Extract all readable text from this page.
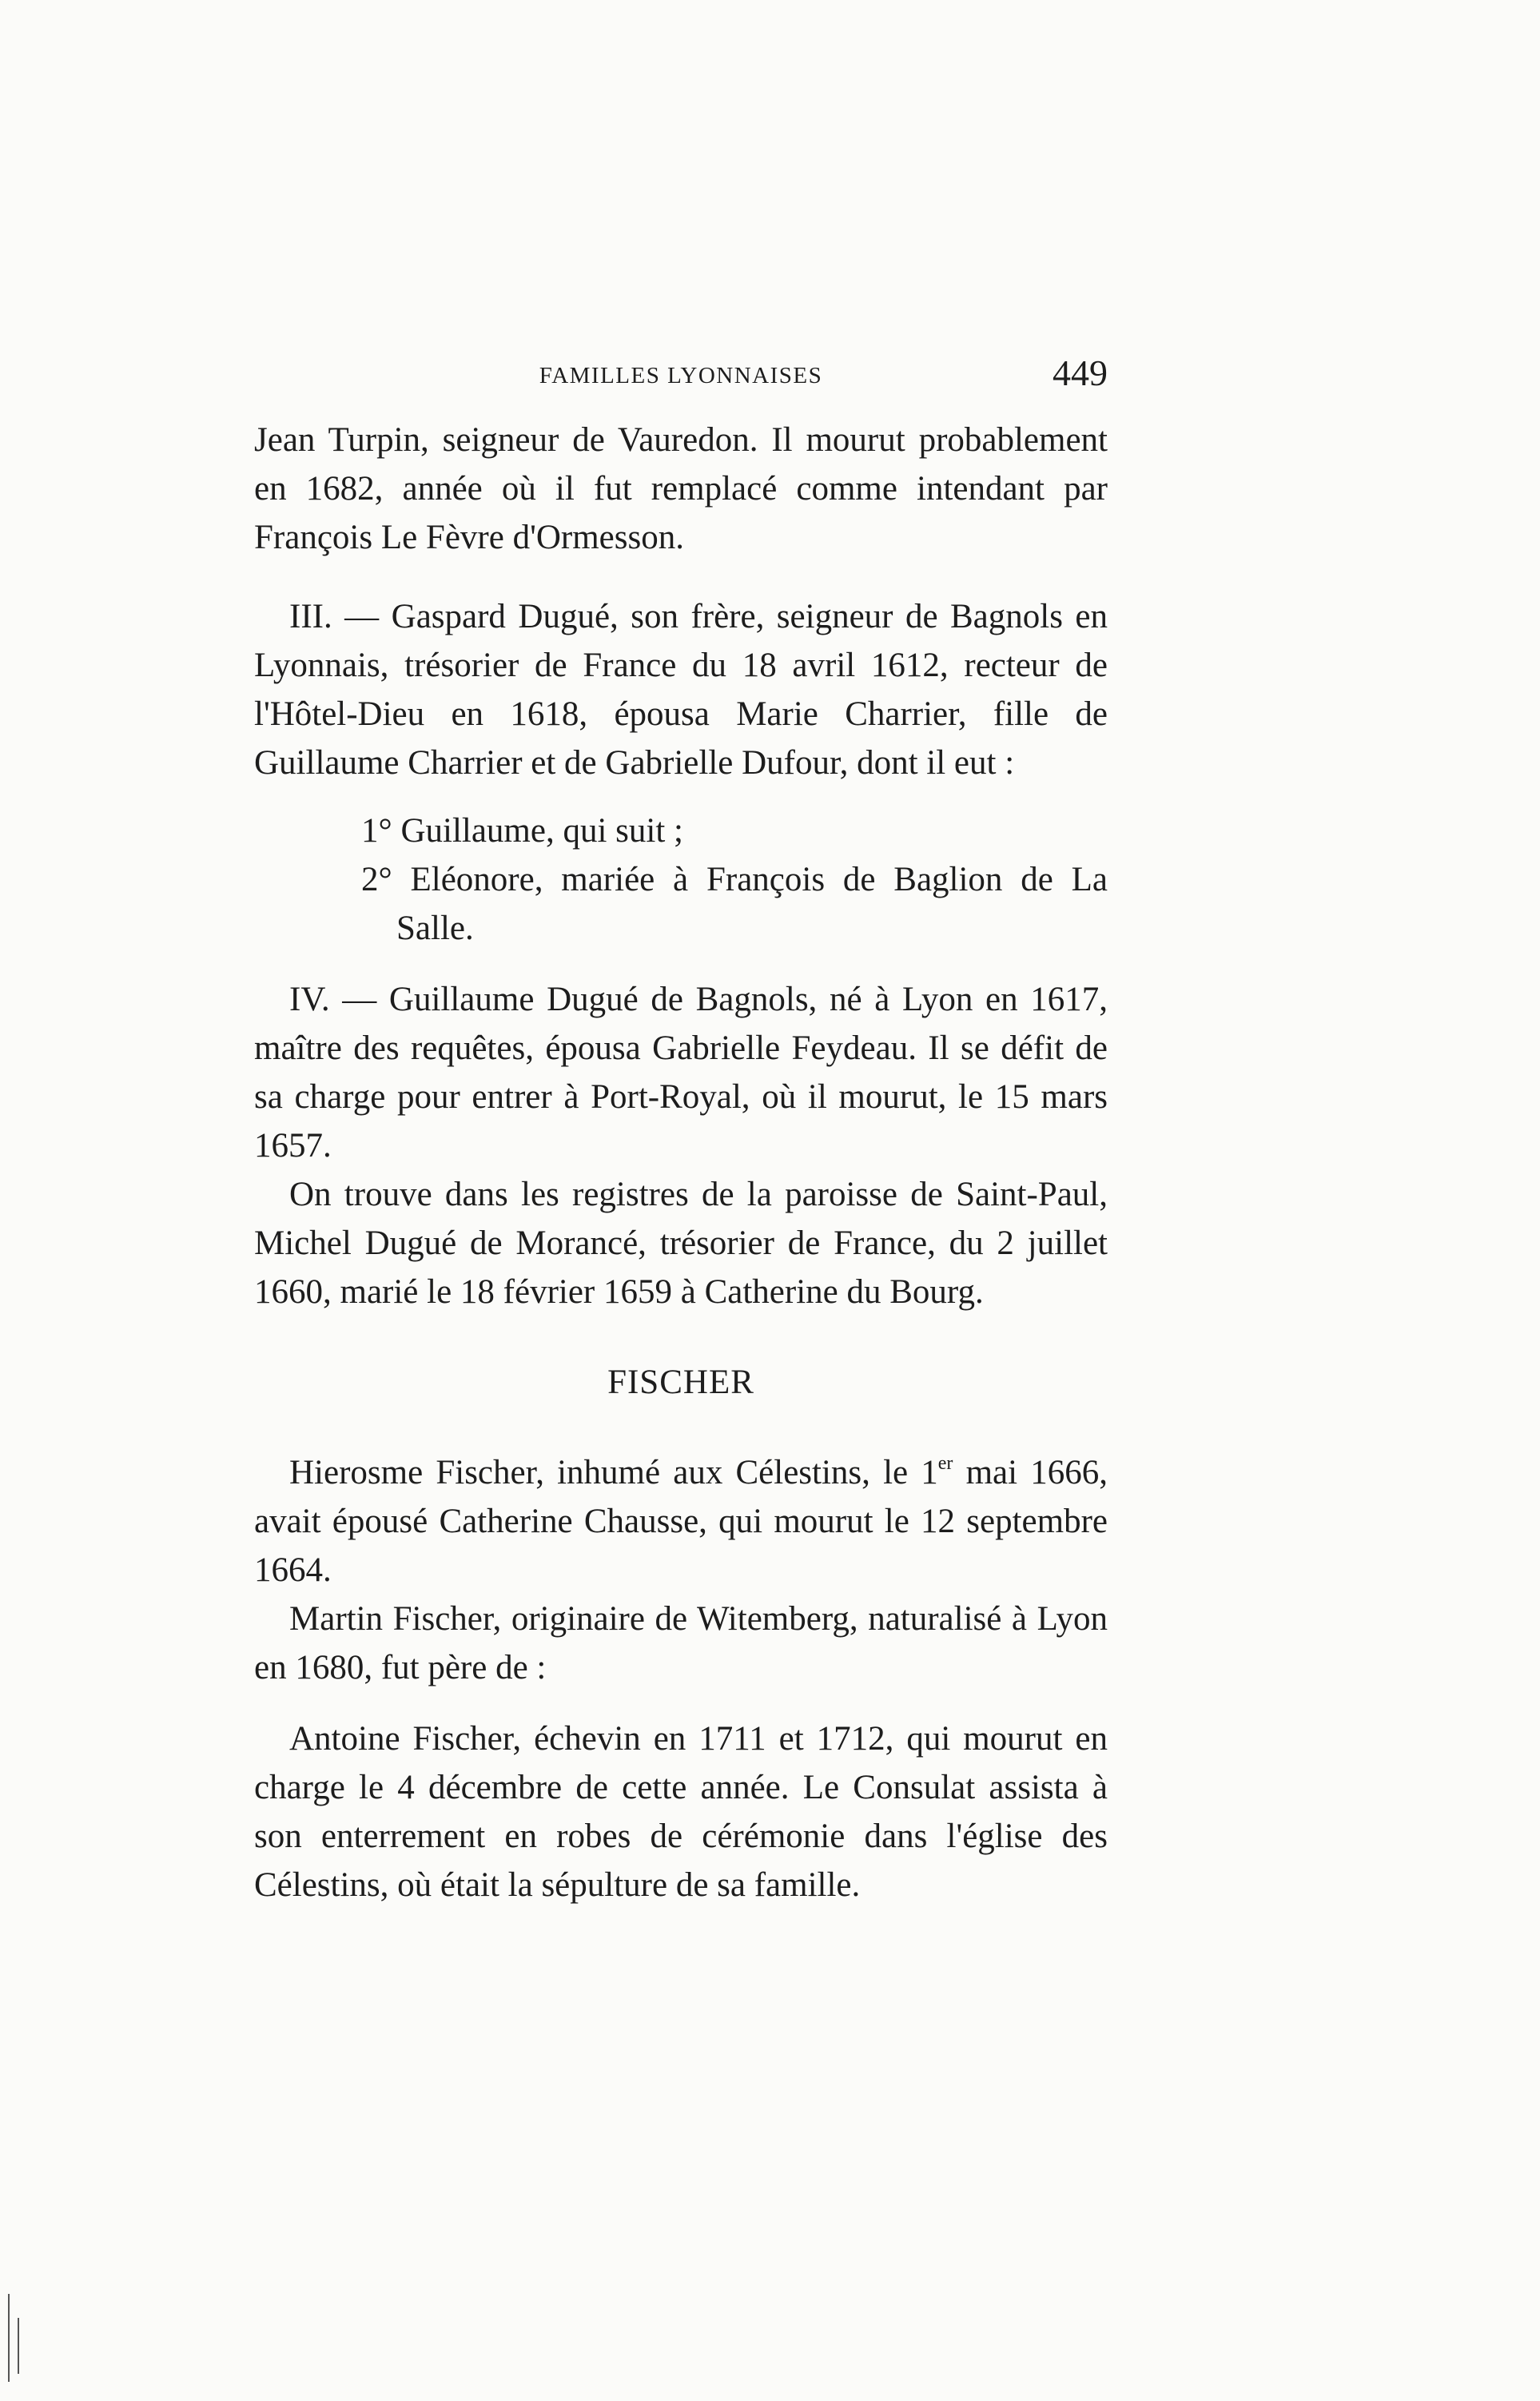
FAMILLES LYONNAISES	449

Jean Turpin, seigneur de Vauredon. Il mourut probablement en 1682, année où il fut remplacé comme intendant par François Le Fèvre d'Ormesson.

III. — Gaspard Dugué, son frère, seigneur de Bagnols en Lyonnais, trésorier de France du 18 avril 1612, recteur de l'Hôtel-Dieu en 1618, épousa Marie Charrier, fille de Guillaume Charrier et de Gabrielle Dufour, dont il eut :

1° Guillaume, qui suit ;

2° Eléonore, mariée à François de Baglion de La Salle.

IV. — Guillaume Dugué de Bagnols, né à Lyon en 1617, maître des requêtes, épousa Gabrielle Feydeau. Il se défit de sa charge pour entrer à Port-Royal, où il mourut, le 15 mars 1657.

On trouve dans les registres de la paroisse de Saint-Paul, Michel Dugué de Morancé, trésorier de France, du 2 juillet 1660, marié le 18 février 1659 à Catherine du Bourg.

FISCHER

Hierosme Fischer, inhumé aux Célestins, le 1er mai 1666, avait épousé Catherine Chausse, qui mourut le 12 septembre 1664.

Martin Fischer, originaire de Witemberg, naturalisé à Lyon en 1680, fut père de :

Antoine Fischer, échevin en 1711 et 1712, qui mourut en charge le 4 décembre de cette année. Le Consulat assista à son enterrement en robes de cérémonie dans l'église des Célestins, où était la sépulture de sa famille.
